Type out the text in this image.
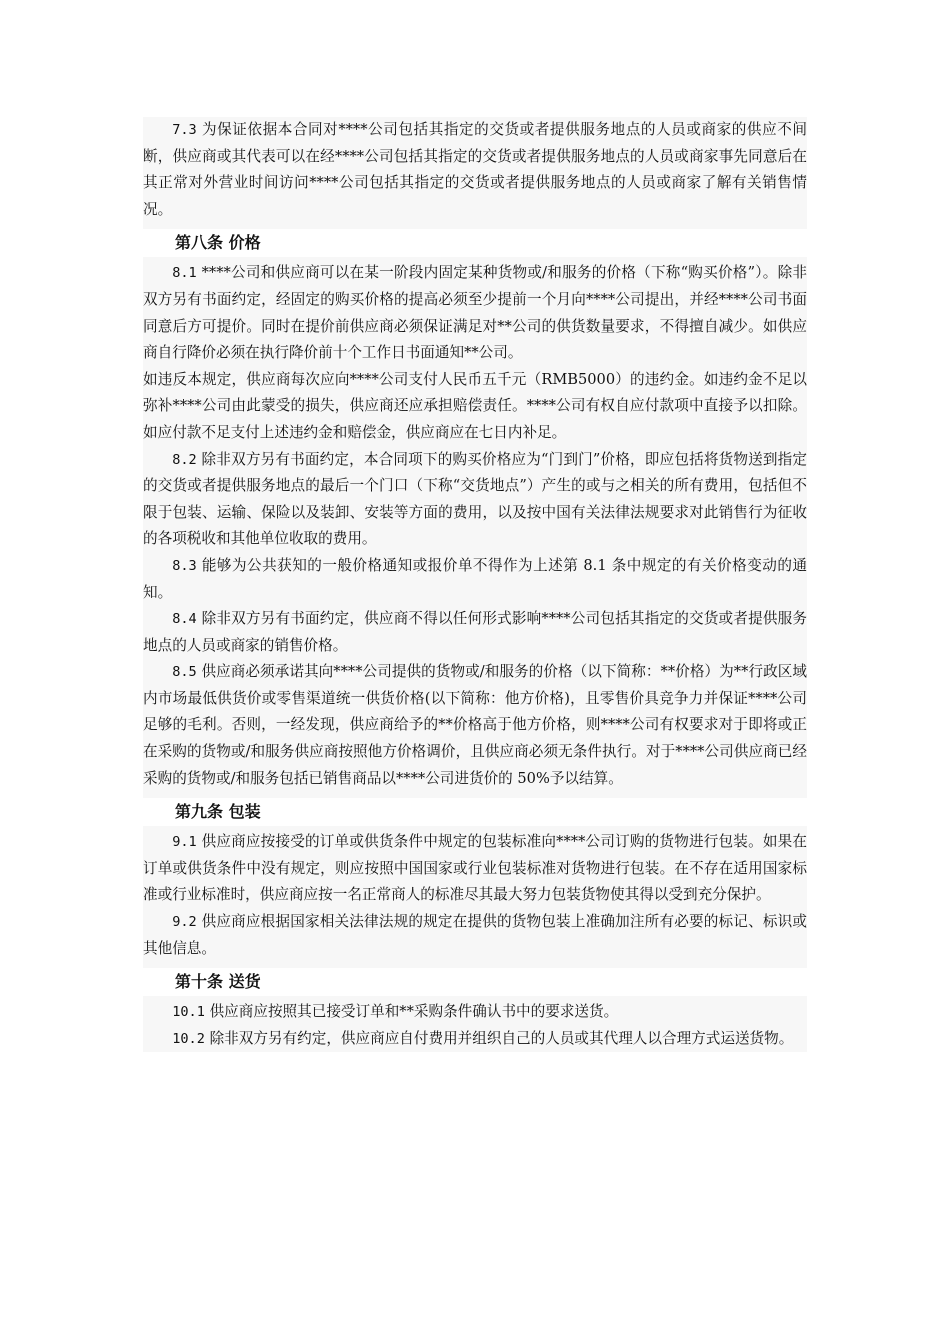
7.3 为保证依据本合同对****公司包括其指定的交货或者提供服务地点的人员或商家的供应不间断，供应商或其代表可以在经****公司包括其指定的交货或者提供服务地点的人员或商家事先同意后在其正常对外营业时间访问****公司包括其指定的交货或者提供服务地点的人员或商家了解有关销售情况。

第八条 价格

8.1 ****公司和供应商可以在某一阶段内固定某种货物或/和服务的价格（下称“购买价格”）。除非双方另有书面约定，经固定的购买价格的提高必须至少提前一个月向****公司提出，并经****公司书面同意后方可提价。同时在提价前供应商必须保证满足对**公司的供货数量要求，不得擅自减少。如供应商自行降价必须在执行降价前十个工作日书面通知**公司。

如违反本规定，供应商每次应向****公司支付人民币五千元（RMB5000）的违约金。如违约金不足以弥补****公司由此蒙受的损失，供应商还应承担赔偿责任。****公司有权自应付款项中直接予以扣除。如应付款不足支付上述违约金和赔偿金，供应商应在七日内补足。

8.2 除非双方另有书面约定，本合同项下的购买价格应为“门到门”价格，即应包括将货物送到指定的交货或者提供服务地点的最后一个门口（下称“交货地点”）产生的或与之相关的所有费用，包括但不限于包装、运输、保险以及装卸、安装等方面的费用，以及按中国有关法律法规要求对此销售行为征收的各项税收和其他单位收取的费用。

8.3 能够为公共获知的一般价格通知或报价单不得作为上述第 8.1 条中规定的有关价格变动的通知。

8.4 除非双方另有书面约定，供应商不得以任何形式影响****公司包括其指定的交货或者提供服务地点的人员或商家的销售价格。

8.5 供应商必须承诺其向****公司提供的货物或/和服务的价格（以下简称：**价格）为**行政区域内市场最低供货价或零售渠道统一供货价格(以下简称：他方价格)，且零售价具竞争力并保证****公司足够的毛利。否则，一经发现，供应商给予的**价格高于他方价格，则****公司有权要求对于即将或正在采购的货物或/和服务供应商按照他方价格调价，且供应商必须无条件执行。对于****公司供应商已经采购的货物或/和服务包括已销售商品以****公司进货价的 50%予以结算。

第九条 包装

9.1 供应商应按接受的订单或供货条件中规定的包装标准向****公司订购的货物进行包装。如果在订单或供货条件中没有规定，则应按照中国国家或行业包装标准对货物进行包装。在不存在适用国家标准或行业标准时，供应商应按一名正常商人的标准尽其最大努力包装货物使其得以受到充分保护。

9.2 供应商应根据国家相关法律法规的规定在提供的货物包装上准确加注所有必要的标记、标识或其他信息。

第十条 送货

10.1 供应商应按照其已接受订单和**采购条件确认书中的要求送货。

10.2 除非双方另有约定，供应商应自付费用并组织自己的人员或其代理人以合理方式运送货物。
